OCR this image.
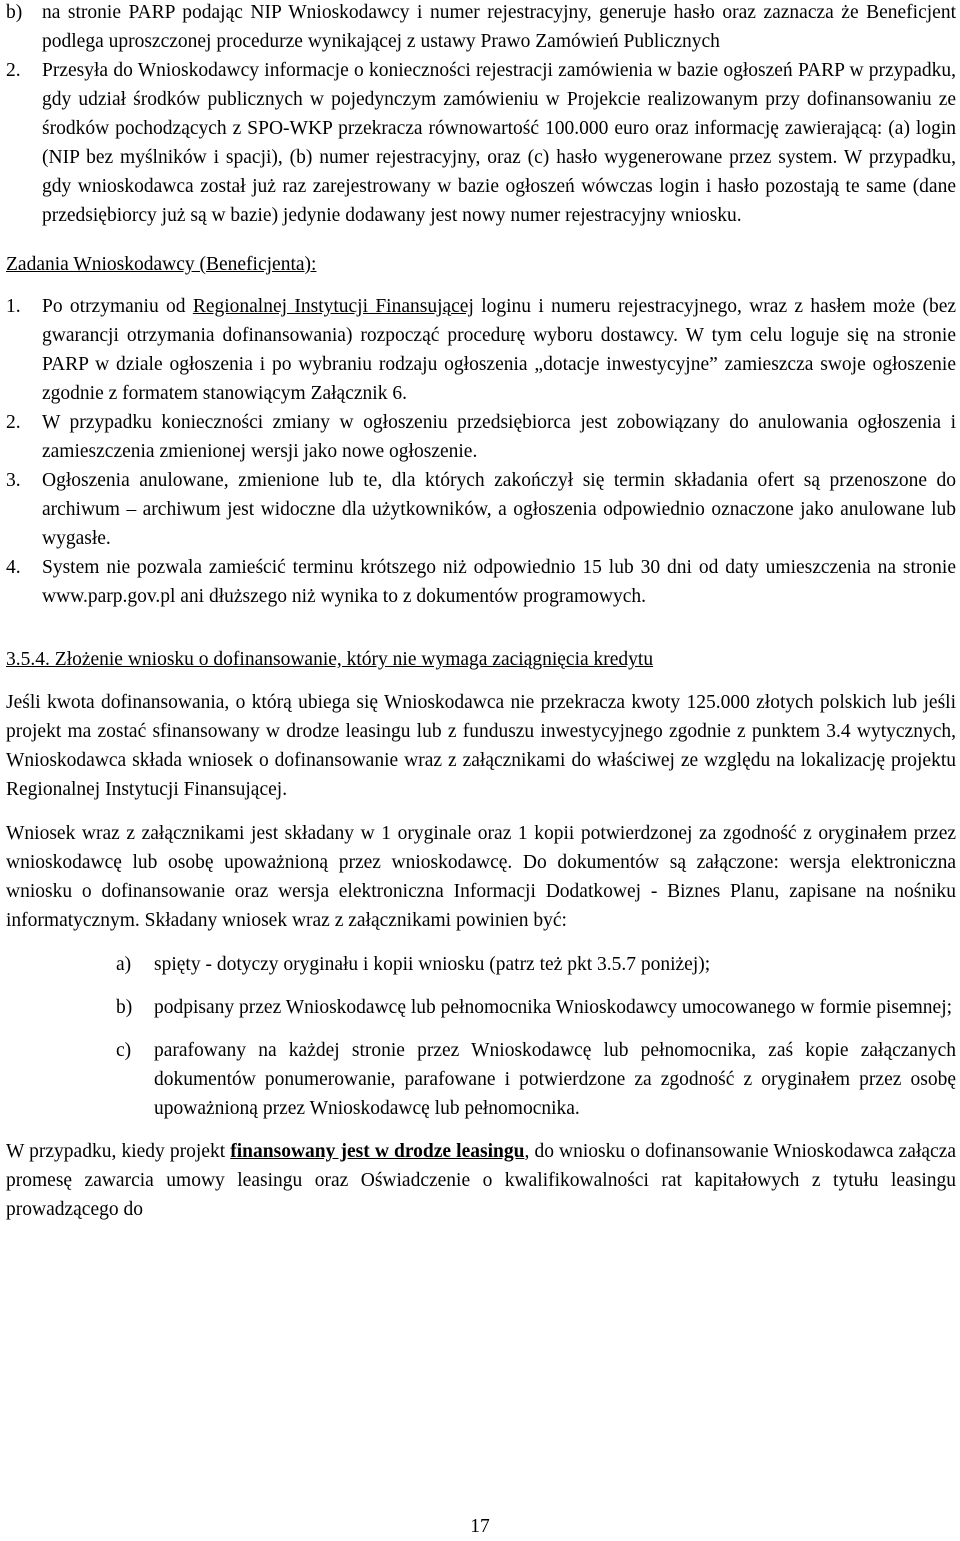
b)	na stronie PARP podając NIP Wnioskodawcy i numer rejestracyjny, generuje hasło oraz zaznacza że Beneficjent podlega uproszczonej procedurze wynikającej z ustawy Prawo Zamówień Publicznych
2.	Przesyła do Wnioskodawcy informacje o konieczności rejestracji zamówienia w bazie ogłoszeń PARP w przypadku, gdy udział środków publicznych w pojedynczym zamówieniu w Projekcie realizowanym przy dofinansowaniu ze środków pochodzących z SPO-WKP przekracza równowartość 100.000 euro oraz informację zawierającą: (a) login (NIP bez myślników i spacji), (b) numer rejestracyjny, oraz (c) hasło wygenerowane przez system. W przypadku, gdy wnioskodawca został już raz zarejestrowany w bazie ogłoszeń wówczas login i hasło pozostają te same (dane przedsiębiorcy już są w bazie) jedynie dodawany jest nowy numer rejestracyjny wniosku.

Zadania Wnioskodawcy (Beneficjenta):

1.	Po otrzymaniu od Regionalnej Instytucji Finansującej loginu i numeru rejestracyjnego, wraz z hasłem może (bez gwarancji otrzymania dofinansowania) rozpocząć procedurę wyboru dostawcy. W tym celu loguje się na stronie PARP w dziale ogłoszenia i po wybraniu rodzaju ogłoszenia „dotacje inwestycyjne” zamieszcza swoje ogłoszenie zgodnie z formatem stanowiącym Załącznik 6.
2.	W przypadku konieczności zmiany w ogłoszeniu przedsiębiorca jest zobowiązany do anulowania ogłoszenia i zamieszczenia zmienionej wersji jako nowe ogłoszenie.
3.	Ogłoszenia anulowane, zmienione lub te, dla których zakończył się termin składania ofert są przenoszone do archiwum – archiwum jest widoczne dla użytkowników, a ogłoszenia odpowiednio oznaczone jako anulowane lub wygasłe.
4.	System nie pozwala zamieścić terminu krótszego niż odpowiednio 15 lub 30 dni od daty umieszczenia na stronie www.parp.gov.pl ani dłuższego niż wynika to z dokumentów programowych.

3.5.4. Złożenie wniosku o dofinansowanie, który nie wymaga zaciągnięcia kredytu

Jeśli kwota dofinansowania, o którą ubiega się Wnioskodawca nie przekracza kwoty 125.000 złotych polskich lub jeśli projekt ma zostać sfinansowany w drodze leasingu lub z funduszu inwestycyjnego zgodnie z punktem 3.4 wytycznych, Wnioskodawca składa wniosek o dofinansowanie wraz z załącznikami do właściwej ze względu na lokalizację projektu Regionalnej Instytucji Finansującej.

Wniosek wraz z załącznikami jest składany w 1 oryginale oraz 1 kopii potwierdzonej za zgodność z oryginałem przez wnioskodawcę lub osobę upoważnioną przez wnioskodawcę. Do dokumentów są załączone: wersja elektroniczna wniosku o dofinansowanie oraz wersja elektroniczna Informacji Dodatkowej - Biznes Planu, zapisane na nośniku informatycznym. Składany wniosek wraz z załącznikami powinien być:

a)	spięty - dotyczy oryginału i kopii wniosku (patrz też pkt 3.5.7 poniżej);
b)	podpisany przez Wnioskodawcę lub pełnomocnika Wnioskodawcy umocowanego w formie pisemnej;
c)	parafowany na każdej stronie przez Wnioskodawcę lub pełnomocnika, zaś kopie załączanych dokumentów ponumerowanie, parafowane i potwierdzone za zgodność z oryginałem przez osobę upoważnioną przez Wnioskodawcę lub pełnomocnika.

W przypadku, kiedy projekt finansowany jest w drodze leasingu, do wniosku o dofinansowanie Wnioskodawca załącza promesę zawarcia umowy leasingu oraz Oświadczenie o kwalifikowalności rat kapitałowych z tytułu leasingu prowadzącego do

17
